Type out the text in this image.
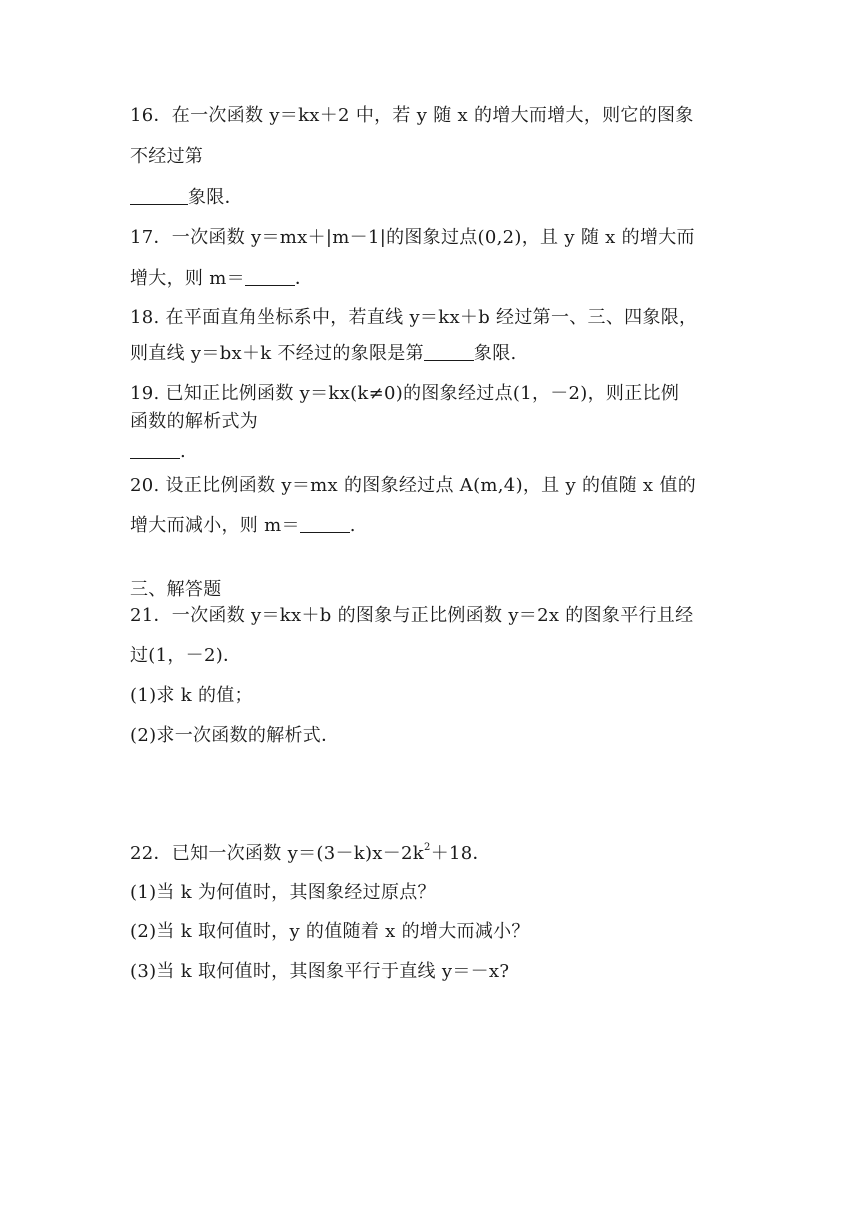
16．在一次函数 y＝kx＋2 中，若 y 随 x 的增大而增大，则它的图象
不经过第
象限．
17．一次函数 y＝mx＋|m－1|的图象过点(0,2)，且 y 随 x 的增大而
增大，则 m＝	．
18. 在平面直角坐标系中，若直线 y＝kx＋b 经过第一、三、四象限，
则直线 y＝bx＋k 不经过的象限是第	象限.
19. 已知正比例函数 y＝kx(k≠0)的图象经过点(1，－2)，则正比例
函数的解析式为
.
20. 设正比例函数 y＝mx 的图象经过点 A(m,4)，且 y 的值随 x 值的
增大而减小，则 m＝	.
三、解答题
21．一次函数 y＝kx＋b 的图象与正比例函数 y＝2x 的图象平行且经
过(1，－2)．
(1)求 k 的值；
(2)求一次函数的解析式．
22．已知一次函数 $y=(3-k)x-2k^2+18$．
(1)当 k 为何值时，其图象经过原点？
(2)当 k 取何值时，y 的值随着 x 的增大而减小？
(3)当 k 取何值时，其图象平行于直线 y＝－x?
